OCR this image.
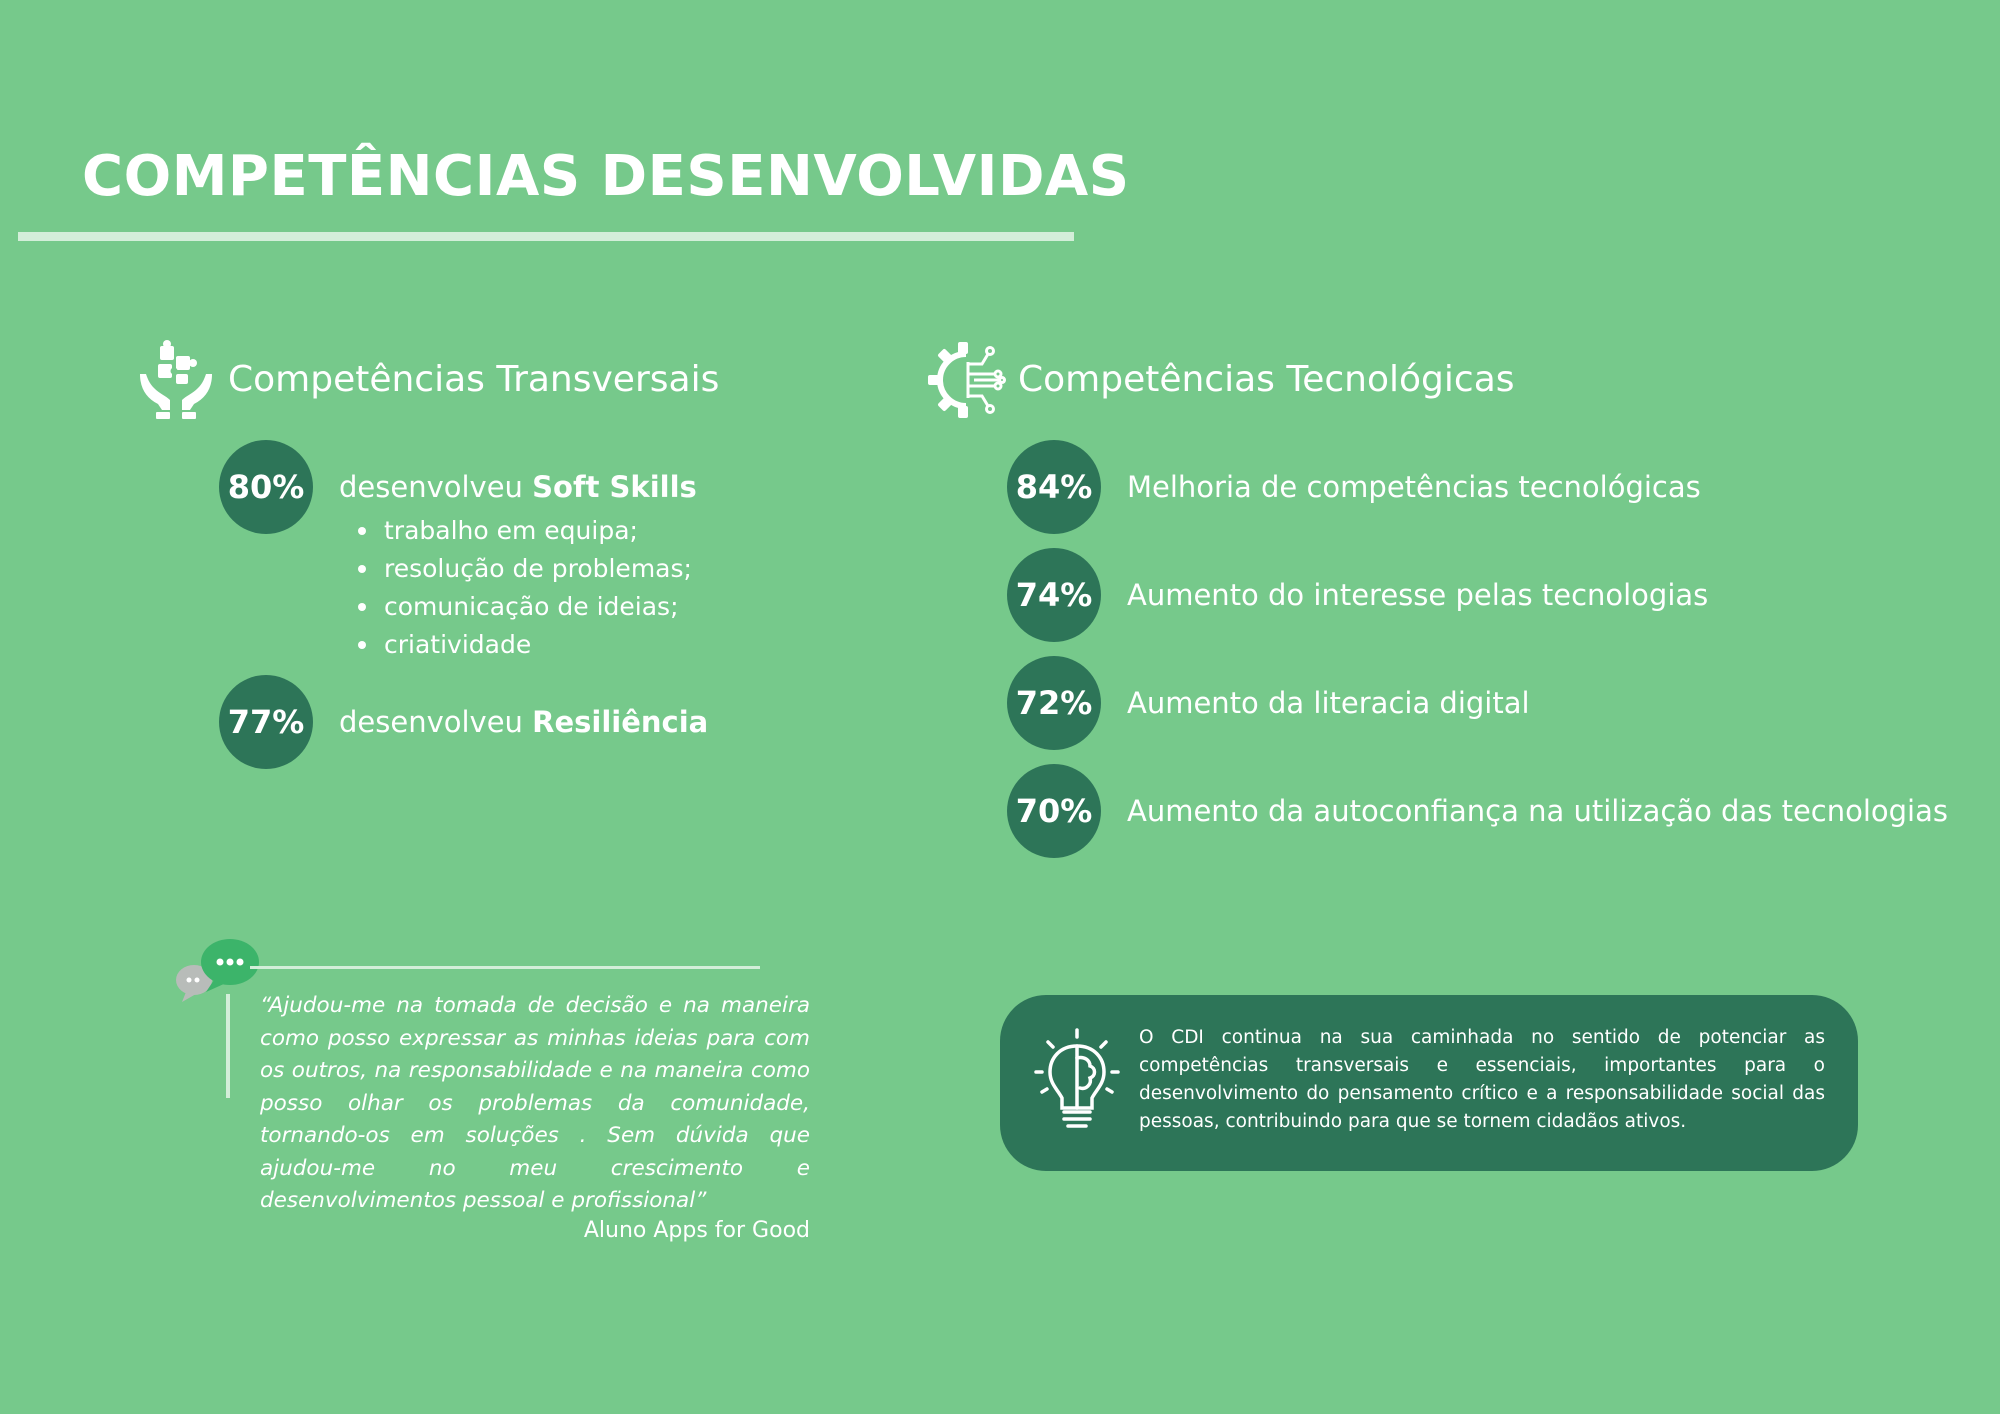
COMPETÊNCIAS DESENVOLVIDAS
Competências Transversais
80%	desenvolveu Soft Skills
trabalho em equipa;
resolução de problemas;
comunicação de ideias;
criatividade
77%	desenvolveu Resiliência
Competências Tecnológicas
84%	Melhoria de competências tecnológicas
74%	Aumento do interesse pelas tecnologias
72%	Aumento da literacia digital
70%	Aumento da autoconfiança na utilização das tecnologias
“Ajudou-me na tomada de decisão e na maneira como posso expressar as minhas ideias para com os outros, na responsabilidade e na maneira como posso olhar os problemas da comunidade, tornando-os em soluções . Sem dúvida que ajudou-me no meu crescimento e desenvolvimentos pessoal e profissional”
Aluno Apps for Good
O CDI continua na sua caminhada no sentido de potenciar as competências transversais e essenciais, importantes para o desenvolvimento do pensamento crítico e a responsabilidade social das pessoas, contribuindo para que se tornem cidadãos ativos.
